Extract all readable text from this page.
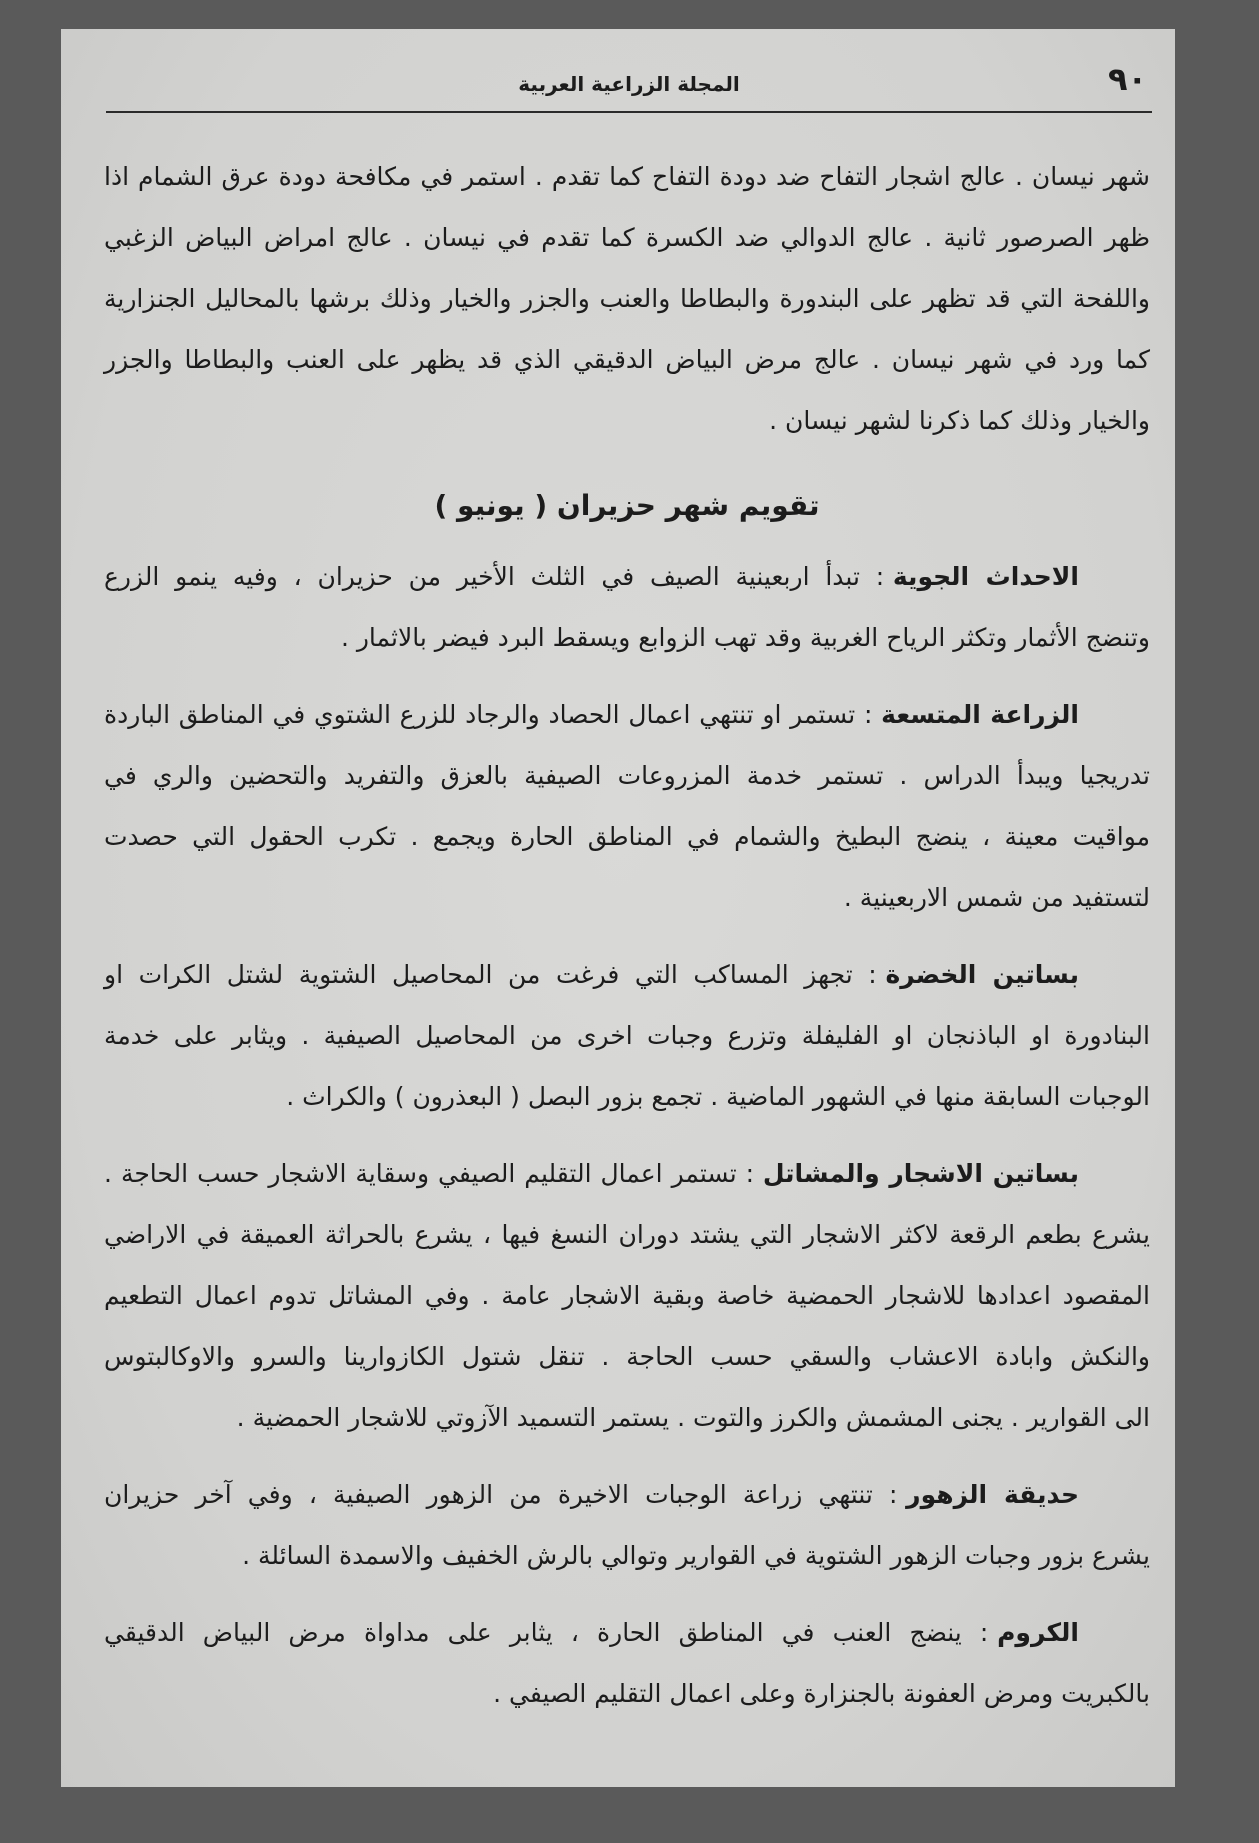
٩٠
المجلة الزراعية العربية
شهر نيسان . عالج اشجار التفاح ضد دودة التفاح كما تقدم . استمر في مكافحة دودة عرق الشمام اذا
ظهر الصرصور ثانية . عالج الدوالي ضد الكسرة كما تقدم في نيسان . عالج امراض البياض الزغبي
واللفحة التي قد تظهر على البندورة والبطاطا والعنب والجزر والخيار وذلك برشها بالمحاليل الجنزارية
كما ورد في شهر نيسان . عالج مرض البياض الدقيقي الذي قد يظهر على العنب والبطاطا والجزر
والخيار وذلك كما ذكرنا لشهر نيسان .
تقويم شهر حزيران ( يونيو )
الاحداث الجوية: تبدأ اربعينية الصيف في الثلث الأخير من حزيران ، وفيه ينمو الزرع
وتنضج الأثمار وتكثر الرياح الغربية وقد تهب الزوابع ويسقط البرد فيضر بالاثمار .
الزراعة المتسعة: تستمر او تنتهي اعمال الحصاد والرجاد للزرع الشتوي في المناطق الباردة
تدريجيا ويبدأ الدراس . تستمر خدمة المزروعات الصيفية بالعزق والتفريد والتحضين والري في
مواقيت معينة ، ينضج البطيخ والشمام في المناطق الحارة ويجمع . تكرب الحقول التي حصدت
لتستفيد من شمس الاربعينية .
بساتين الخضرة: تجهز المساكب التي فرغت من المحاصيل الشتوية لشتل الكرات او
البنادورة او الباذنجان او الفليفلة وتزرع وجبات اخرى من المحاصيل الصيفية . ويثابر على خدمة
الوجبات السابقة منها في الشهور الماضية . تجمع بزور البصل ( البعذرون ) والكراث .
بساتين الاشجار والمشاتل: تستمر اعمال التقليم الصيفي وسقاية الاشجار حسب الحاجة .
يشرع بطعم الرقعة لاكثر الاشجار التي يشتد دوران النسغ فيها ، يشرع بالحراثة العميقة في الاراضي
المقصود اعدادها للاشجار الحمضية خاصة وبقية الاشجار عامة . وفي المشاتل تدوم اعمال التطعيم
والنكش وابادة الاعشاب والسقي حسب الحاجة . تنقل شتول الكازوارينا والسرو والاوكالبتوس
الى القوارير . يجنى المشمش والكرز والتوت . يستمر التسميد الآزوتي للاشجار الحمضية .
حديقة الزهور: تنتهي زراعة الوجبات الاخيرة من الزهور الصيفية ، وفي آخر حزيران
يشرع بزور وجبات الزهور الشتوية في القوارير وتوالي بالرش الخفيف والاسمدة السائلة .
الكروم: ينضج العنب في المناطق الحارة ، يثابر على مداواة مرض البياض الدقيقي
بالكبريت ومرض العفونة بالجنزارة وعلى اعمال التقليم الصيفي .
